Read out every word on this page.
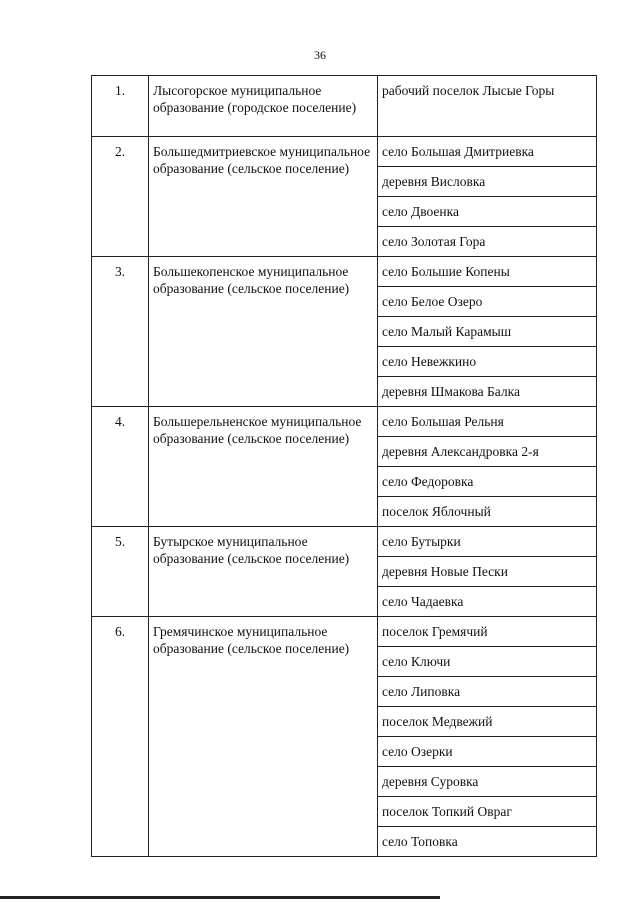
36
1.	Лысогорское муниципальное образование (городское поселение)	рабочий поселок Лысые Горы
2.	Большедмитриевское муниципальное образование (сельское поселение)	село Большая Дмитриевка
		деревня Висловка
		село Двоенка
		село Золотая Гора
3.	Большекопенское муниципальное образование (сельское поселение)	село Большие Копены
		село Белое Озеро
		село Малый Карамыш
		село Невежкино
		деревня Шмакова Балка
4.	Большерельненское муниципальное образование (сельское поселение)	село Большая Рельня
		деревня Александровка 2-я
		село Федоровка
		поселок Яблочный
5.	Бутырское муниципальное образование (сельское поселение)	село Бутырки
		деревня Новые Пески
		село Чадаевка
6.	Гремячинское муниципальное образование (сельское поселение)	поселок Гремячий
		село Ключи
		село Липовка
		поселок Медвежий
		село Озерки
		деревня Суровка
		поселок Топкий Овраг
		село Топовка
